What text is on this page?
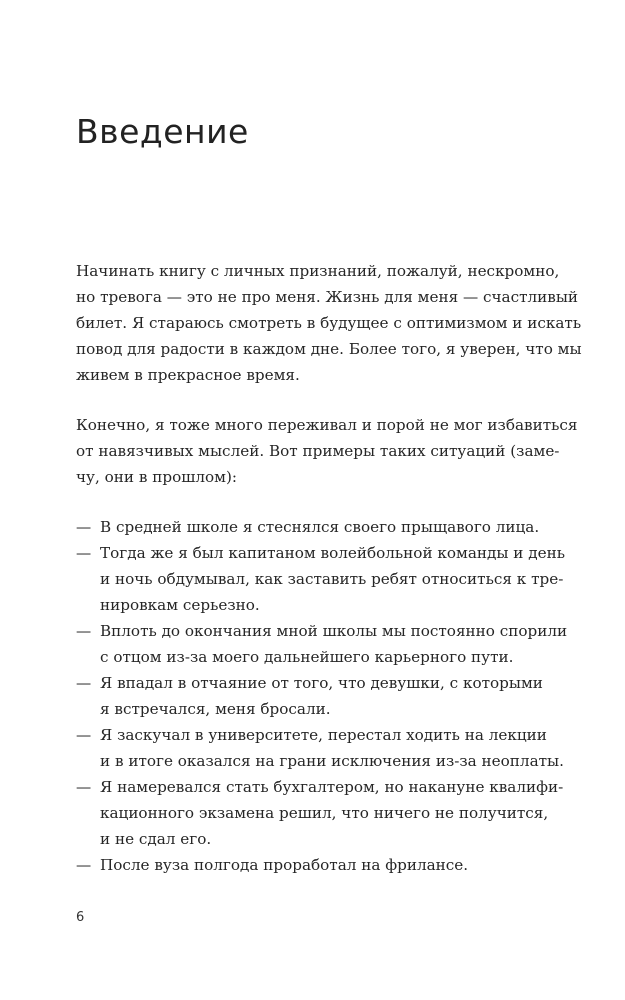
Введение

Начинать книгу с личных признаний, пожалуй, нескромно,
но тревога — это не про меня. Жизнь для меня — счастливый
билет. Я стараюсь смотреть в будущее с оптимизмом и искать
повод для радости в каждом дне. Более того, я уверен, что мы
живем в прекрасное время.

Конечно, я тоже много переживал и порой не мог избавиться
от навязчивых мыслей. Вот примеры таких ситуаций (заме-
чу, они в прошлом):

— В средней школе я стеснялся своего прыщавого лица.
— Тогда же я был капитаном волейбольной команды и день
и ночь обдумывал, как заставить ребят относиться к тре-
нировкам серьезно.
— Вплоть до окончания мной школы мы постоянно спорили
с отцом из-за моего дальнейшего карьерного пути.
— Я впадал в отчаяние от того, что девушки, с которыми
я встречался, меня бросали.
— Я заскучал в университете, перестал ходить на лекции
и в итоге оказался на грани исключения из-за неоплаты.
— Я намеревался стать бухгалтером, но накануне квалифи-
кационного экзамена решил, что ничего не получится,
и не сдал его.
— После вуза полгода проработал на фрилансе.
6
